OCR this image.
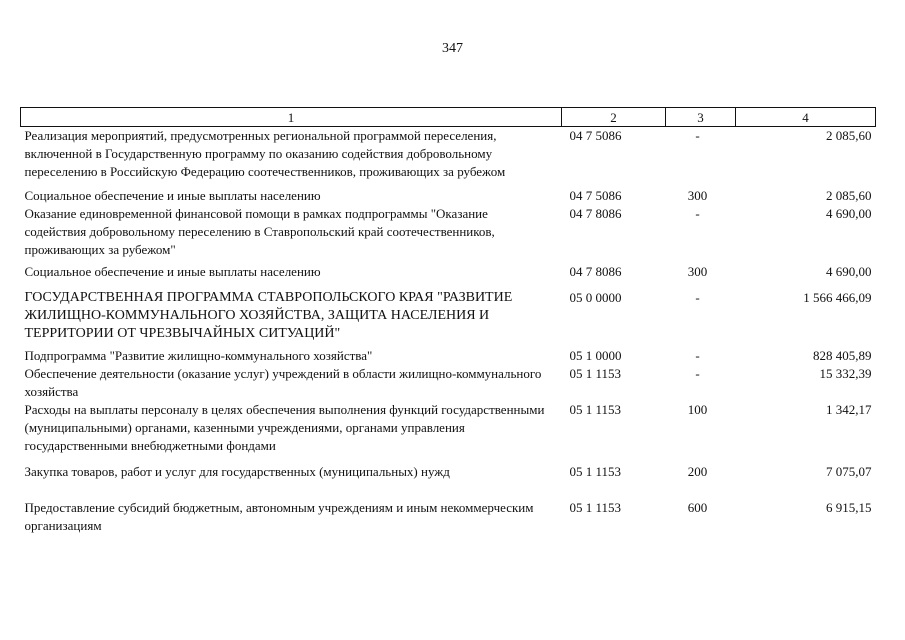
347
1	2	3	4
Реализация мероприятий, предусмотренных региональной программой переселения, включенной в Государственную программу по оказанию содействия добровольному переселению в Российскую Федерацию соотечественников, проживающих за рубежом	04 7 5086	-	2 085,60
Социальное обеспечение и иные выплаты населению	04 7 5086	300	2 085,60
Оказание единовременной финансовой помощи в рамках подпрограммы "Оказание содействия добровольному переселению в Ставропольский край соотечественников, проживающих за рубежом"	04 7 8086	-	4 690,00
Социальное обеспечение и иные выплаты населению	04 7 8086	300	4 690,00
ГОСУДАРСТВЕННАЯ ПРОГРАММА СТАВРОПОЛЬСКОГО КРАЯ "РАЗВИТИЕ ЖИЛИЩНО-КОММУНАЛЬНОГО ХОЗЯЙСТВА, ЗАЩИТА НАСЕЛЕНИЯ И ТЕРРИТОРИИ ОТ ЧРЕЗВЫЧАЙНЫХ СИТУАЦИЙ"	05 0 0000	-	1 566 466,09
Подпрограмма "Развитие жилищно-коммунального хозяйства"	05 1 0000	-	828 405,89
Обеспечение деятельности (оказание услуг) учреждений в области жилищно-коммунального хозяйства	05 1 1153	-	15 332,39
Расходы на выплаты персоналу в целях обеспечения выполнения функций государственными (муниципальными) органами, казенными учреждениями, органами управления государственными внебюджетными фондами	05 1 1153	100	1 342,17
Закупка товаров, работ и услуг для государственных (муниципальных) нужд	05 1 1153	200	7 075,07
Предоставление субсидий бюджетным, автономным учреждениям и иным некоммерческим организациям	05 1 1153	600	6 915,15
